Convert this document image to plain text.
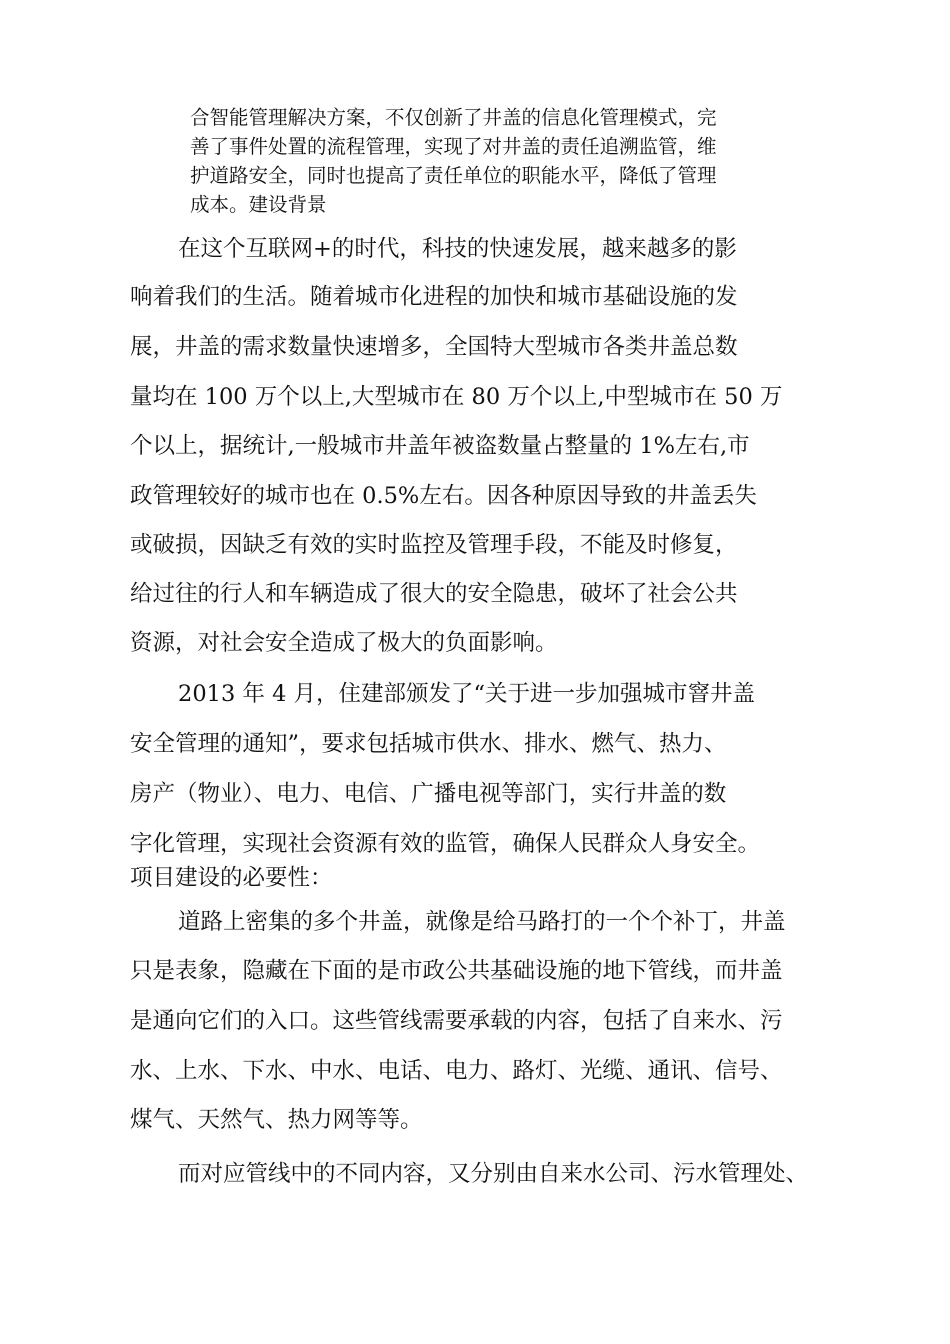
合智能管理解决方案，不仅创新了井盖的信息化管理模式，完
善了事件处置的流程管理，实现了对井盖的责任追溯监管，维
护道路安全，同时也提高了责任单位的职能水平，降低了管理
成本。建设背景
在这个互联网+的时代，科技的快速发展，越来越多的影
响着我们的生活。随着城市化进程的加快和城市基础设施的发
展，井盖的需求数量快速增多，全国特大型城市各类井盖总数
量均在 100 万个以上,大型城市在 80 万个以上,中型城市在 50 万
个以上，据统计,一般城市井盖年被盗数量占整量的 1%左右,市
政管理较好的城市也在 0.5%左右。因各种原因导致的井盖丢失
或破损，因缺乏有效的实时监控及管理手段，不能及时修复，
给过往的行人和车辆造成了很大的安全隐患，破坏了社会公共
资源，对社会安全造成了极大的负面影响。
2013 年 4 月，住建部颁发了“关于进一步加强城市窨井盖
安全管理的通知”，要求包括城市供水、排水、燃气、热力、
房产（物业）、电力、电信、广播电视等部门，实行井盖的数
字化管理，实现社会资源有效的监管，确保人民群众人身安全。
项目建设的必要性：
道路上密集的多个井盖，就像是给马路打的一个个补丁，井盖
只是表象，隐藏在下面的是市政公共基础设施的地下管线，而井盖
是通向它们的入口。这些管线需要承载的内容，包括了自来水、污
水、上水、下水、中水、电话、电力、路灯、光缆、通讯、信号、
煤气、天然气、热力网等等。
而对应管线中的不同内容，又分别由自来水公司、污水管理处、
